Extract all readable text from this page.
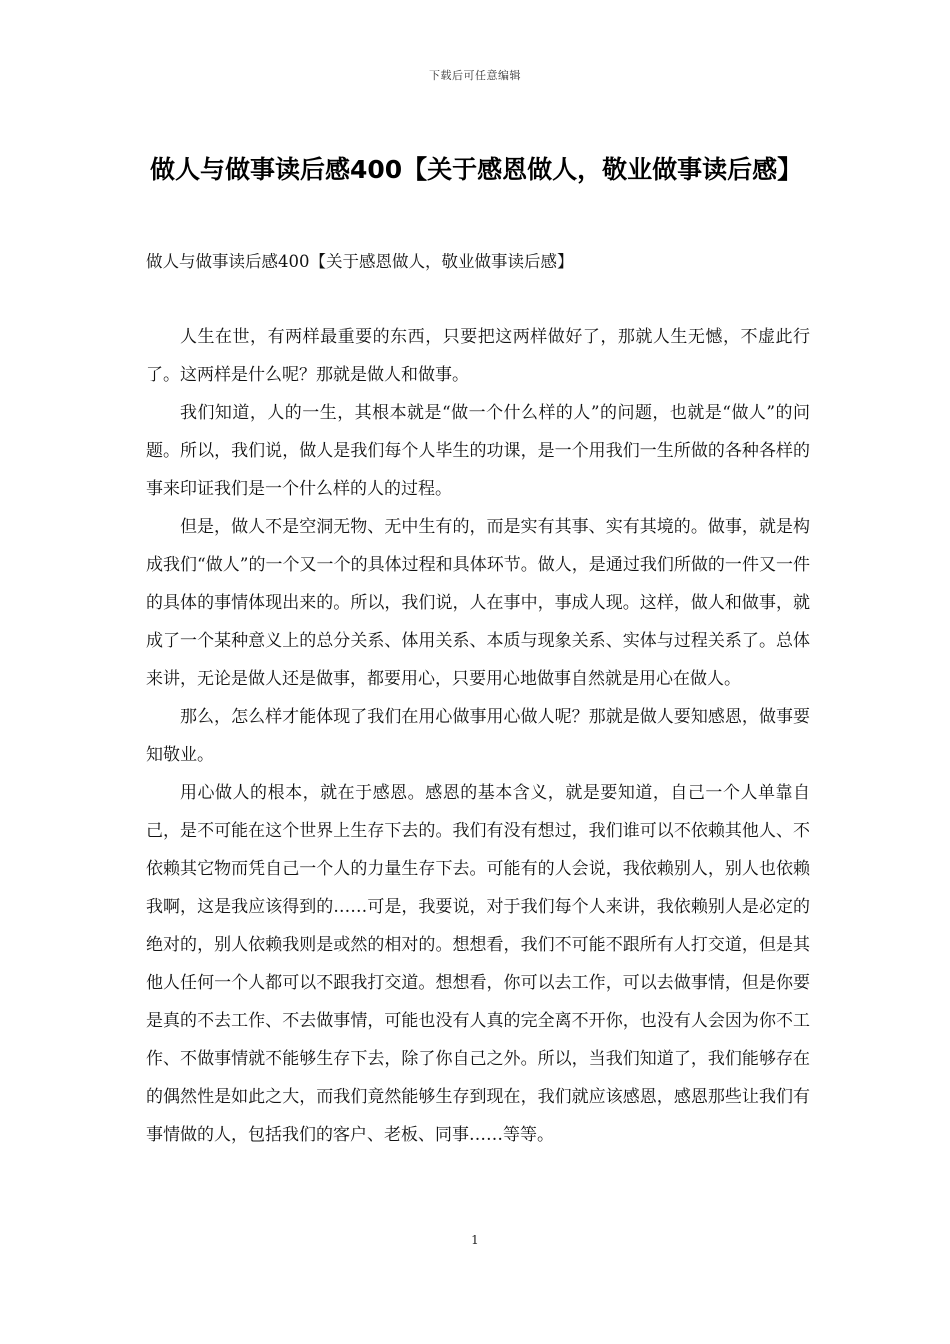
下载后可任意编辑
做人与做事读后感400【关于感恩做人，敬业做事读后感】

做人与做事读后感400【关于感恩做人，敬业做事读后感】

人生在世，有两样最重要的东西，只要把这两样做好了，那就人生无憾，不虚此行了。这两样是什么呢？那就是做人和做事。

我们知道，人的一生，其根本就是“做一个什么样的人”的问题，也就是“做人”的问题。所以，我们说，做人是我们每个人毕生的功课，是一个用我们一生所做的各种各样的事来印证我们是一个什么样的人的过程。

但是，做人不是空洞无物、无中生有的，而是实有其事、实有其境的。做事，就是构成我们“做人”的一个又一个的具体过程和具体环节。做人，是通过我们所做的一件又一件的具体的事情体现出来的。所以，我们说，人在事中，事成人现。这样，做人和做事，就成了一个某种意义上的总分关系、体用关系、本质与现象关系、实体与过程关系了。总体来讲，无论是做人还是做事，都要用心，只要用心地做事自然就是用心在做人。

那么，怎么样才能体现了我们在用心做事用心做人呢？那就是做人要知感恩，做事要知敬业。

用心做人的根本，就在于感恩。感恩的基本含义，就是要知道，自己一个人单靠自己，是不可能在这个世界上生存下去的。我们有没有想过，我们谁可以不依赖其他人、不依赖其它物而凭自己一个人的力量生存下去。可能有的人会说，我依赖别人，别人也依赖我啊，这是我应该得到的……可是，我要说，对于我们每个人来讲，我依赖别人是必定的绝对的，别人依赖我则是或然的相对的。想想看，我们不可能不跟所有人打交道，但是其他人任何一个人都可以不跟我打交道。想想看，你可以去工作，可以去做事情，但是你要是真的不去工作、不去做事情，可能也没有人真的完全离不开你，也没有人会因为你不工作、不做事情就不能够生存下去，除了你自己之外。所以，当我们知道了，我们能够存在的偶然性是如此之大，而我们竟然能够生存到现在，我们就应该感恩，感恩那些让我们有事情做的人，包括我们的客户、老板、同事……等等。

1
